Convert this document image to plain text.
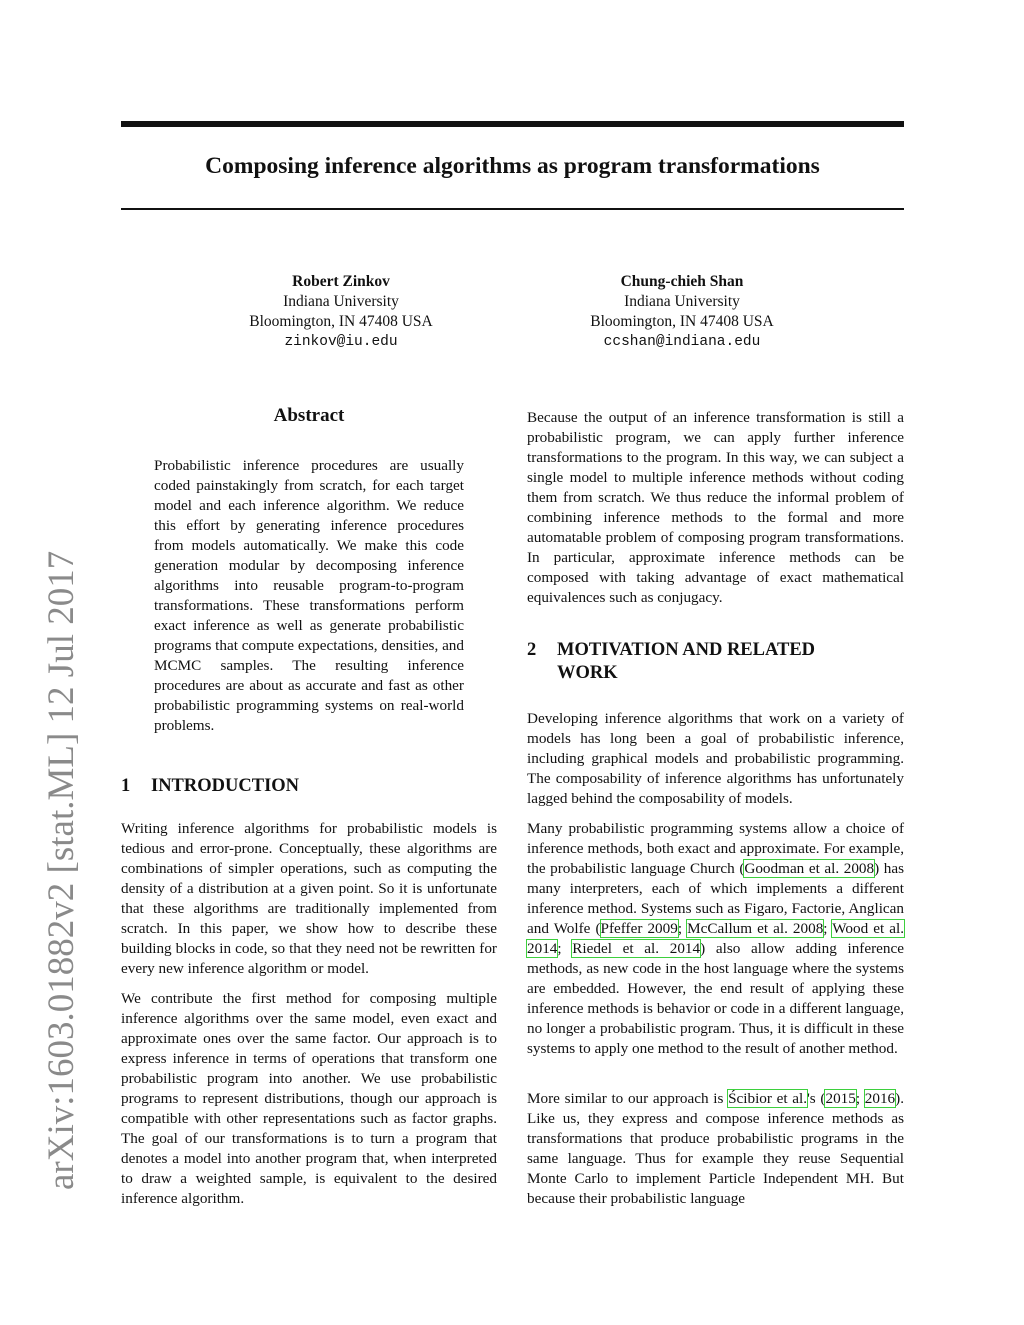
Composing inference algorithms as program transformations
arXiv:1603.01882v2 [stat.ML] 12 Jul 2017
Robert Zinkov
Indiana University
Bloomington, IN 47408 USA
zinkov@iu.edu
Chung-chieh Shan
Indiana University
Bloomington, IN 47408 USA
ccshan@indiana.edu
Abstract

Probabilistic inference procedures are usually coded painstakingly from scratch, for each target model and each inference algorithm. We reduce this effort by generating inference procedures from models automatically. We make this code generation modular by decomposing inference algorithms into reusable program-to-program transformations. These transformations perform exact inference as well as generate probabilistic programs that compute expectations, densities, and MCMC samples. The resulting inference procedures are about as accurate and fast as other probabilistic programming systems on real-world problems.

1 INTRODUCTION

Writing inference algorithms for probabilistic models is tedious and error-prone. Conceptually, these algorithms are combinations of simpler operations, such as computing the density of a distribution at a given point. So it is unfortunate that these algorithms are traditionally implemented from scratch. In this paper, we show how to describe these building blocks in code, so that they need not be rewritten for every new inference algorithm or model.

We contribute the first method for composing multiple inference algorithms over the same model, even exact and approximate ones over the same factor. Our approach is to express inference in terms of operations that transform one probabilistic program into another. We use probabilistic programs to represent distributions, though our approach is compatible with other representations such as factor graphs. The goal of our transformations is to turn a program that denotes a model into another program that, when interpreted to draw a weighted sample, is equivalent to the desired inference algorithm.

Because the output of an inference transformation is still a probabilistic program, we can apply further inference transformations to the program. In this way, we can subject a single model to multiple inference methods without coding them from scratch. We thus reduce the informal problem of combining inference methods to the formal and more automatable problem of composing program transformations. In particular, approximate inference methods can be composed with taking advantage of exact mathematical equivalences such as conjugacy.

2 MOTIVATION AND RELATED
WORK

Developing inference algorithms that work on a variety of models has long been a goal of probabilistic inference, including graphical models and probabilistic programming. The composability of inference algorithms has unfortunately lagged behind the composability of models.

Many probabilistic programming systems allow a choice of inference methods, both exact and approximate. For example, the probabilistic language Church (Goodman et al. 2008) has many interpreters, each of which implements a different inference method. Systems such as Figaro, Factorie, Anglican and Wolfe (Pfeffer 2009; McCallum et al. 2008; Wood et al. 2014; Riedel et al. 2014) also allow adding inference methods, as new code in the host language where the systems are embedded. However, the end result of applying these inference methods is behavior or code in a different language, no longer a probabilistic program. Thus, it is difficult in these systems to apply one method to the result of another method.

More similar to our approach is Ścibior et al.'s (2015; 2016). Like us, they express and compose inference methods as transformations that produce probabilistic programs in the same language. Thus for example they reuse Sequential Monte Carlo to implement Particle Independent MH. But because their probabilistic language
